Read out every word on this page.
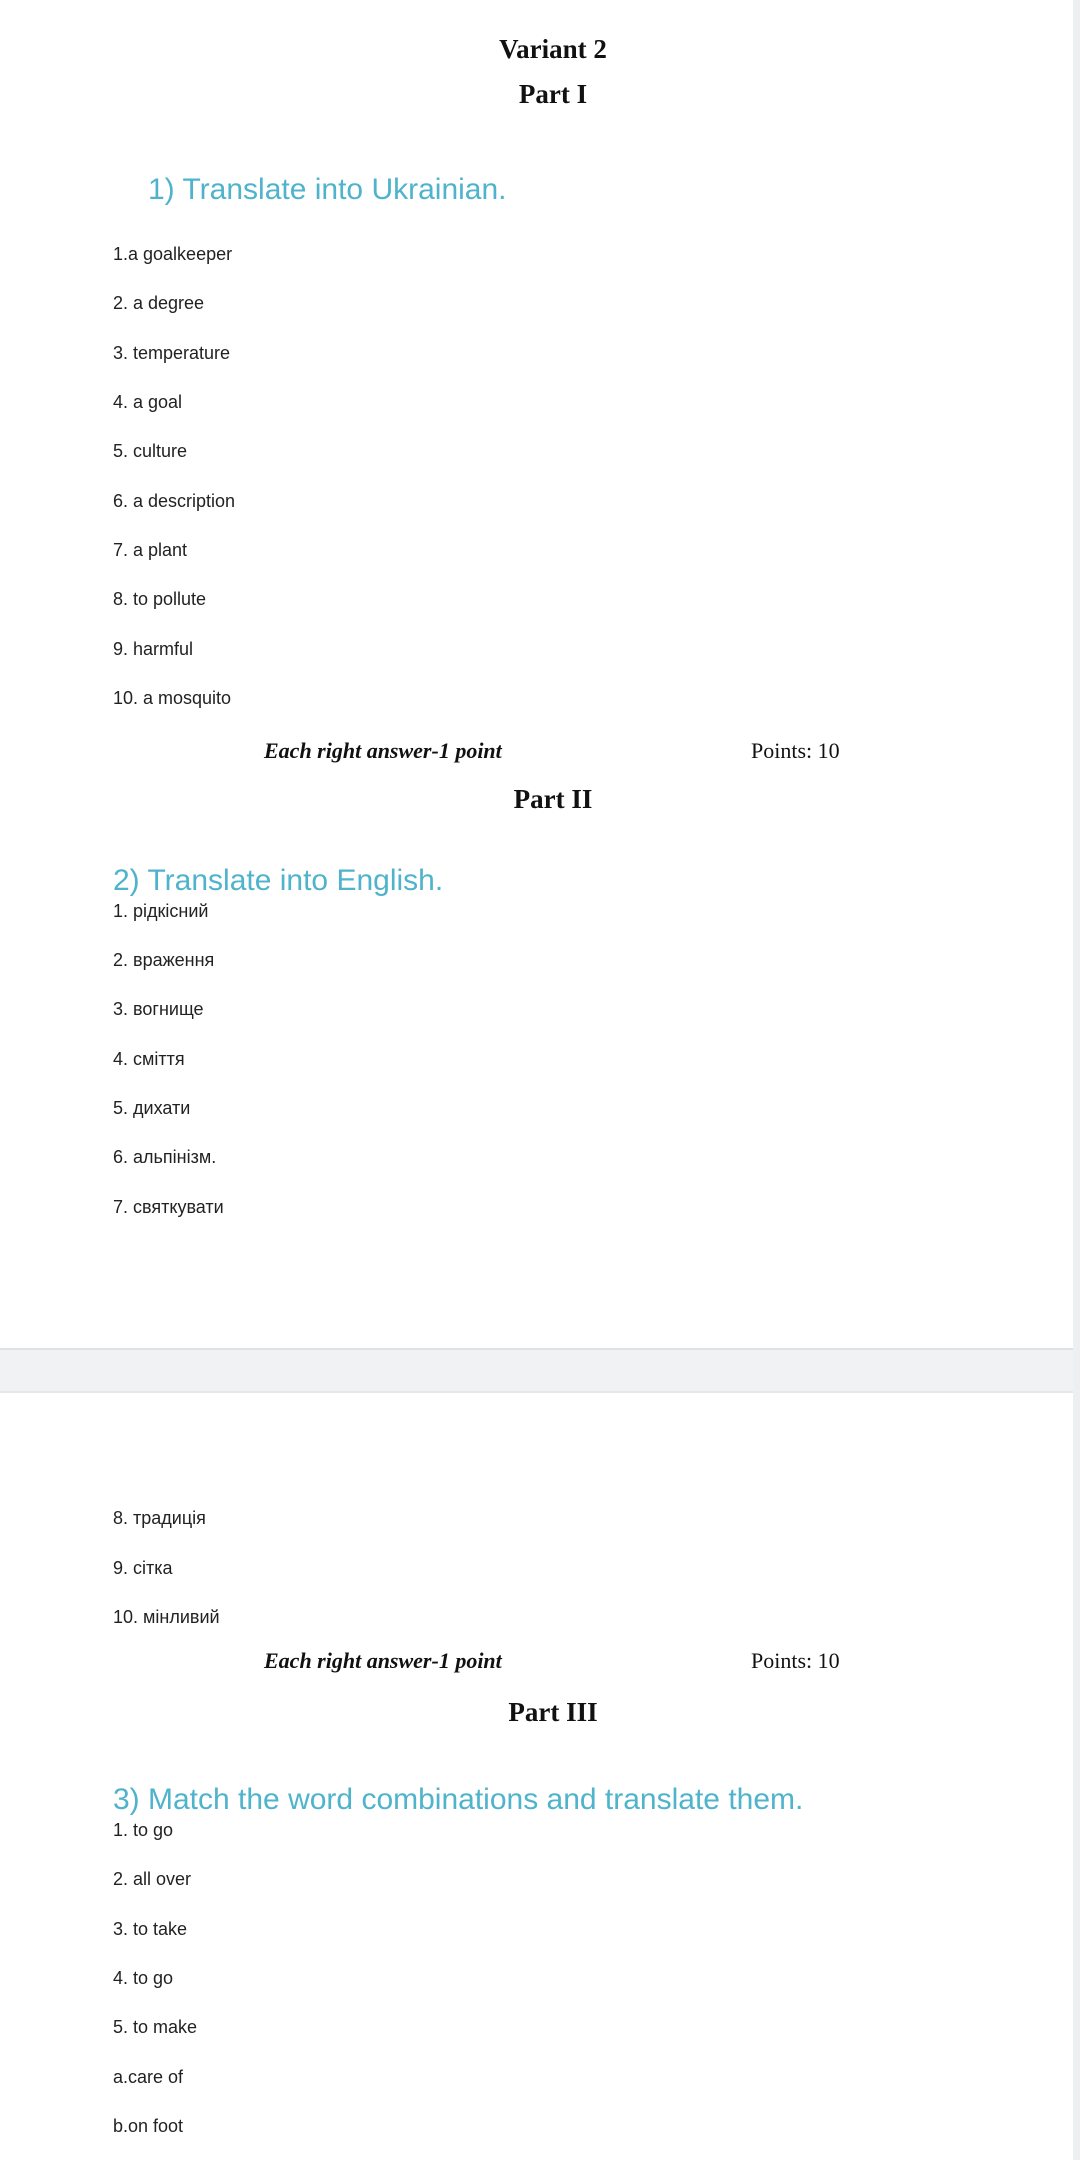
Variant 2
Part I
1) Translate into Ukrainian.

1.a goalkeeper

2. a degree

3. temperature

4. a goal

5. culture

6. a description

7. a plant

8. to pollute

9. harmful

10. a mosquito

Each right answer-1 point	Points: 10
Part II
2) Translate into English.

1. рідкісний

2. враження

3. вогнище

4. сміття

5. дихати

6. альпінізм.

7. святкувати

8. традиція

9. сітка

10. мінливий

Each right answer-1 point	Points: 10
Part III
3) Match the word combinations and translate them.

1. to go

2. all over

3. to take

4. to go

5. to make

a.care of

b.on foot
